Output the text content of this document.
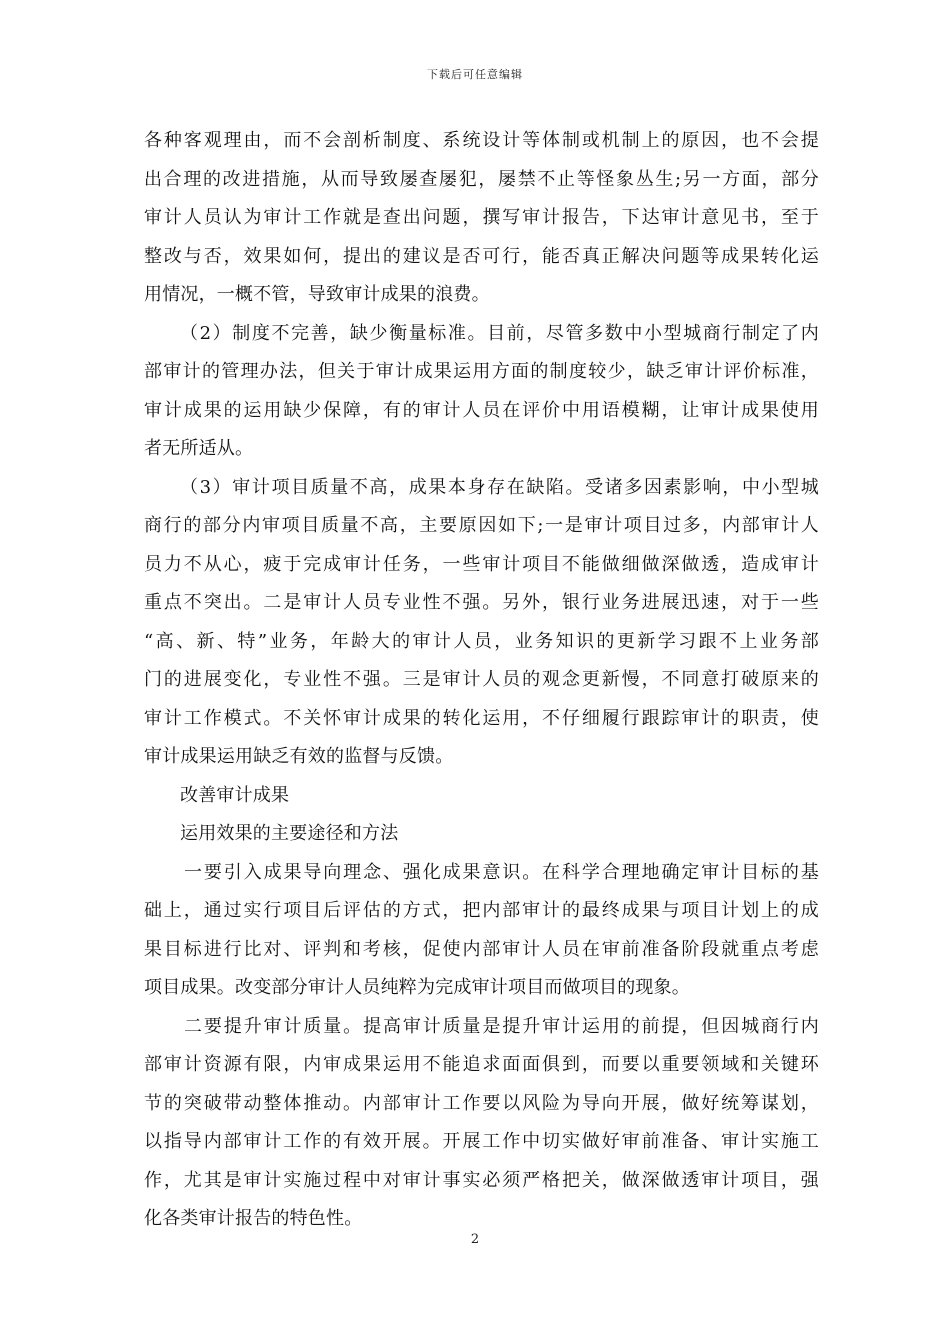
下载后可任意编辑
各种客观理由，而不会剖析制度、系统设计等体制或机制上的原因，也不会提
出合理的改进措施，从而导致屡查屡犯，屡禁不止等怪象丛生;另一方面，部分
审计人员认为审计工作就是查出问题，撰写审计报告，下达审计意见书，至于
整改与否，效果如何，提出的建议是否可行，能否真正解决问题等成果转化运
用情况，一概不管，导致审计成果的浪费。
（2）制度不完善，缺少衡量标准。目前，尽管多数中小型城商行制定了内
部审计的管理办法，但关于审计成果运用方面的制度较少，缺乏审计评价标准，
审计成果的运用缺少保障，有的审计人员在评价中用语模糊，让审计成果使用
者无所适从。
（3）审计项目质量不高，成果本身存在缺陷。受诸多因素影响，中小型城
商行的部分内审项目质量不高，主要原因如下;一是审计项目过多，内部审计人
员力不从心，疲于完成审计任务，一些审计项目不能做细做深做透，造成审计
重点不突出。二是审计人员专业性不强。另外，银行业务进展迅速，对于一些
“高、新、特”业务，年龄大的审计人员，业务知识的更新学习跟不上业务部
门的进展变化，专业性不强。三是审计人员的观念更新慢，不同意打破原来的
审计工作模式。不关怀审计成果的转化运用，不仔细履行跟踪审计的职责，使
审计成果运用缺乏有效的监督与反馈。
改善审计成果
运用效果的主要途径和方法
一要引入成果导向理念、强化成果意识。在科学合理地确定审计目标的基
础上，通过实行项目后评估的方式，把内部审计的最终成果与项目计划上的成
果目标进行比对、评判和考核，促使内部审计人员在审前准备阶段就重点考虑
项目成果。改变部分审计人员纯粹为完成审计项目而做项目的现象。
二要提升审计质量。提高审计质量是提升审计运用的前提，但因城商行内
部审计资源有限，内审成果运用不能追求面面俱到，而要以重要领域和关键环
节的突破带动整体推动。内部审计工作要以风险为导向开展，做好统筹谋划，
以指导内部审计工作的有效开展。开展工作中切实做好审前准备、审计实施工
作，尤其是审计实施过程中对审计事实必须严格把关，做深做透审计项目，强
化各类审计报告的特色性。
2
